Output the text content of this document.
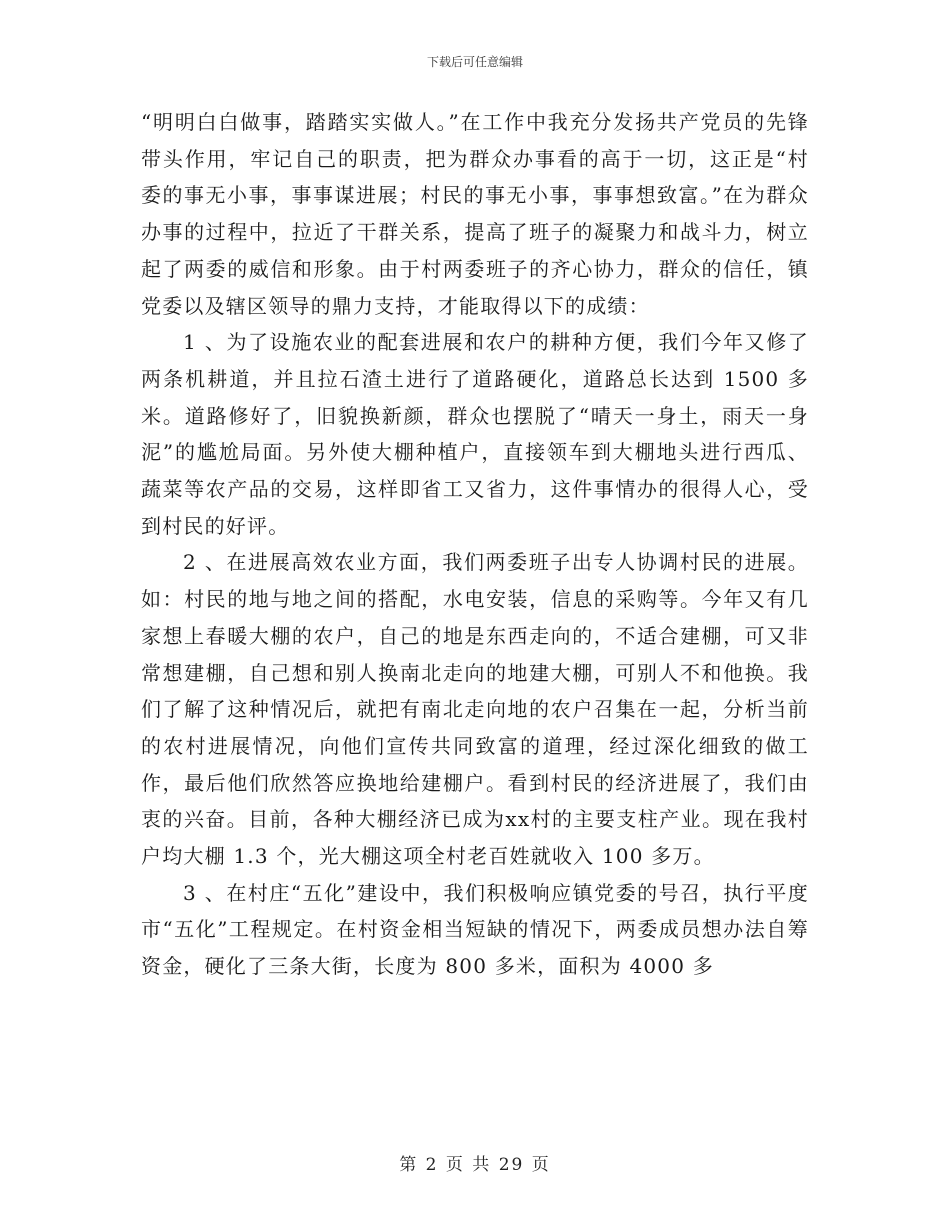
下载后可任意编辑

“明明白白做事，踏踏实实做人。”在工作中我充分发扬共产党员的先锋带头作用，牢记自己的职责，把为群众办事看的高于一切，这正是“村委的事无小事，事事谋进展；村民的事无小事，事事想致富。”在为群众办事的过程中，拉近了干群关系，提高了班子的凝聚力和战斗力，树立起了两委的威信和形象。由于村两委班子的齐心协力，群众的信任，镇党委以及辖区领导的鼎力支持，才能取得以下的成绩：

1 、为了设施农业的配套进展和农户的耕种方便，我们今年又修了两条机耕道，并且拉石渣土进行了道路硬化，道路总长达到 1500 多米。道路修好了，旧貌换新颜，群众也摆脱了“晴天一身土，雨天一身泥”的尴尬局面。另外使大棚种植户，直接领车到大棚地头进行西瓜、蔬菜等农产品的交易，这样即省工又省力，这件事情办的很得人心，受到村民的好评。

2 、在进展高效农业方面，我们两委班子出专人协调村民的进展。如：村民的地与地之间的搭配，水电安装，信息的采购等。今年又有几家想上春暖大棚的农户，自己的地是东西走向的，不适合建棚，可又非常想建棚，自己想和别人换南北走向的地建大棚，可别人不和他换。我们了解了这种情况后，就把有南北走向地的农户召集在一起，分析当前的农村进展情况，向他们宣传共同致富的道理，经过深化细致的做工作，最后他们欣然答应换地给建棚户。看到村民的经济进展了，我们由衷的兴奋。目前，各种大棚经济已成为xx村的主要支柱产业。现在我村户均大棚 1.3 个，光大棚这项全村老百姓就收入 100 多万。

3 、在村庄“五化”建设中，我们积极响应镇党委的号召，执行平度市“五化”工程规定。在村资金相当短缺的情况下，两委成员想办法自筹资金，硬化了三条大街，长度为 800 多米，面积为 4000 多

第 2 页 共 29 页
